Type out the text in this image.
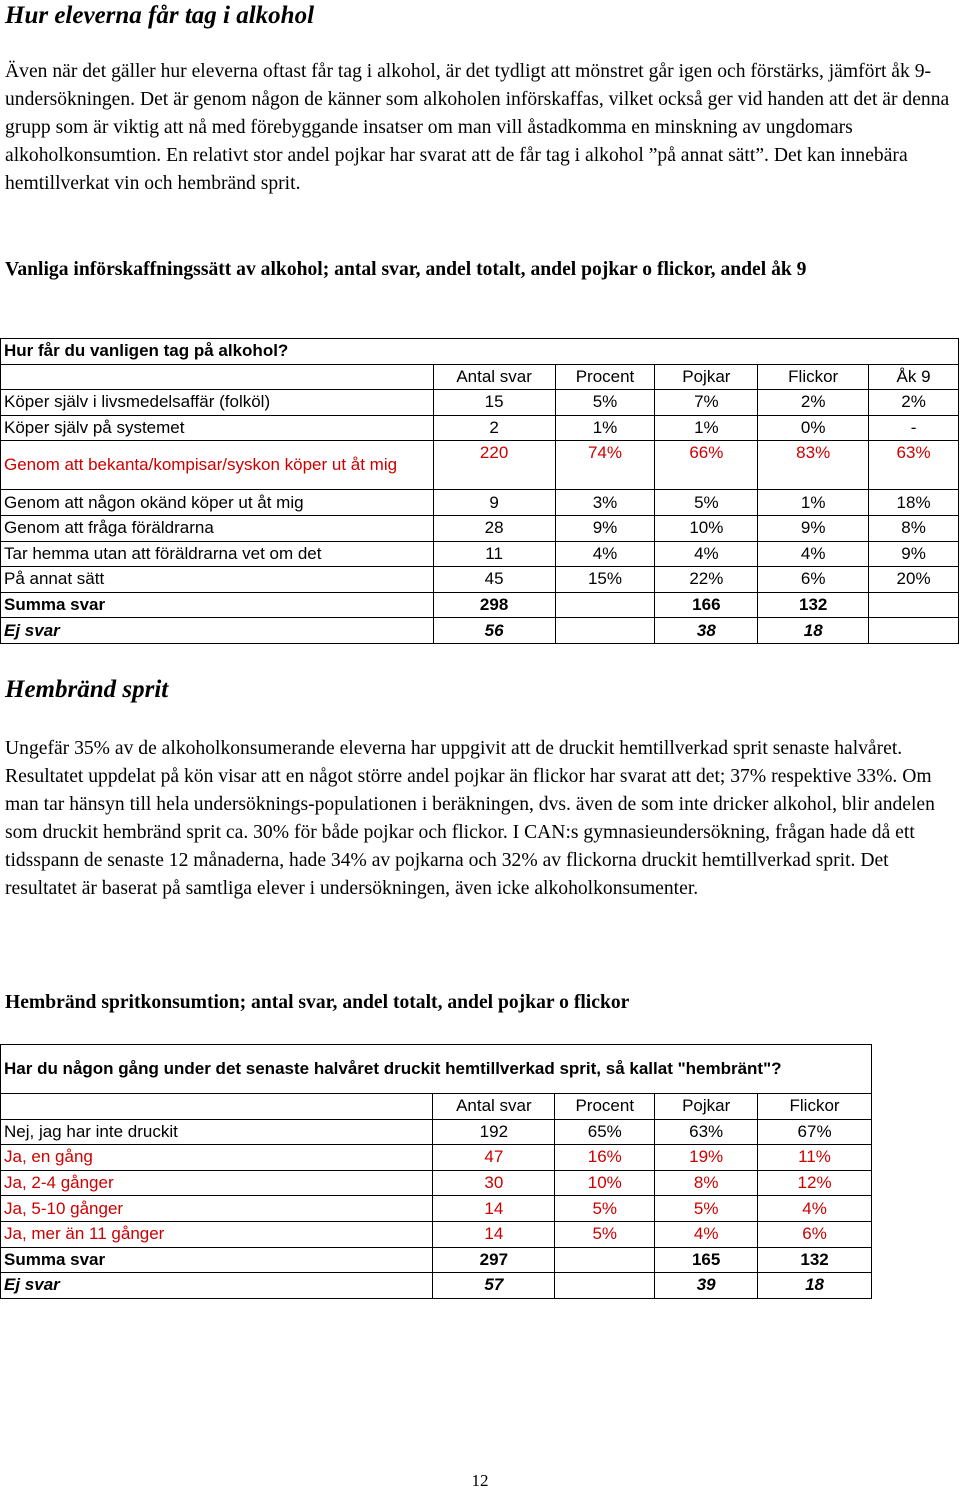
Hur eleverna får tag i alkohol

Även när det gäller hur eleverna oftast får tag i alkohol, är det tydligt att mönstret går igen och förstärks, jämfört åk 9-undersökningen. Det är genom någon de känner som alkoholen införskaffas, vilket också ger vid handen att det är denna grupp som är viktig att nå med förebyggande insatser om man vill åstadkomma en minskning av ungdomars alkoholkonsumtion. En relativt stor andel pojkar har svarat att de får tag i alkohol ”på annat sätt”. Det kan innebära hemtillverkat vin och hembränd sprit.

Vanliga införskaffningssätt av alkohol; antal svar, andel totalt, andel pojkar o flickor, andel åk 9

Hur får du vanligen tag på alkohol?					
	Antal svar	Procent	Pojkar	Flickor	Åk 9
Köper själv i livsmedelsaffär (folköl)	15	5%	7%	2%	2%
Köper själv på systemet	2	1%	1%	0%	-
Genom att bekanta/kompisar/syskon köper ut åt mig	220	74%	66%	83%	63%
Genom att någon okänd köper ut åt mig	9	3%	5%	1%	18%
Genom att fråga föräldrarna	28	9%	10%	9%	8%
Tar hemma utan att föräldrarna vet om det	11	4%	4%	4%	9%
På annat sätt	45	15%	22%	6%	20%
Summa svar	298		166	132	
Ej svar	56		38	18	
Hembränd sprit

Ungefär 35% av de alkoholkonsumerande eleverna har uppgivit att de druckit hemtillverkad sprit senaste halvåret. Resultatet uppdelat på kön visar att en något större andel pojkar än flickor har svarat att det; 37% respektive 33%. Om man tar hänsyn till hela undersöknings-populationen i beräkningen, dvs. även de som inte dricker alkohol, blir andelen som druckit hembränd sprit ca. 30% för både pojkar och flickor. I CAN:s gymnasieundersökning, frågan hade då ett tidsspann de senaste 12 månaderna, hade 34% av pojkarna och 32% av flickorna druckit hemtillverkad sprit. Det resultatet är baserat på samtliga elever i undersökningen, även icke alkoholkonsumenter.

Hembränd spritkonsumtion; antal svar, andel totalt, andel pojkar o flickor

Har du någon gång under det senaste halvåret druckit hemtillverkad sprit, så kallat "hembränt"?				
	Antal svar	Procent	Pojkar	Flickor
Nej, jag har inte druckit	192	65%	63%	67%
Ja, en gång	47	16%	19%	11%
Ja, 2-4 gånger	30	10%	8%	12%
Ja, 5-10 gånger	14	5%	5%	4%
Ja, mer än 11 gånger	14	5%	4%	6%
Summa svar	297		165	132
Ej svar	57		39	18
12
